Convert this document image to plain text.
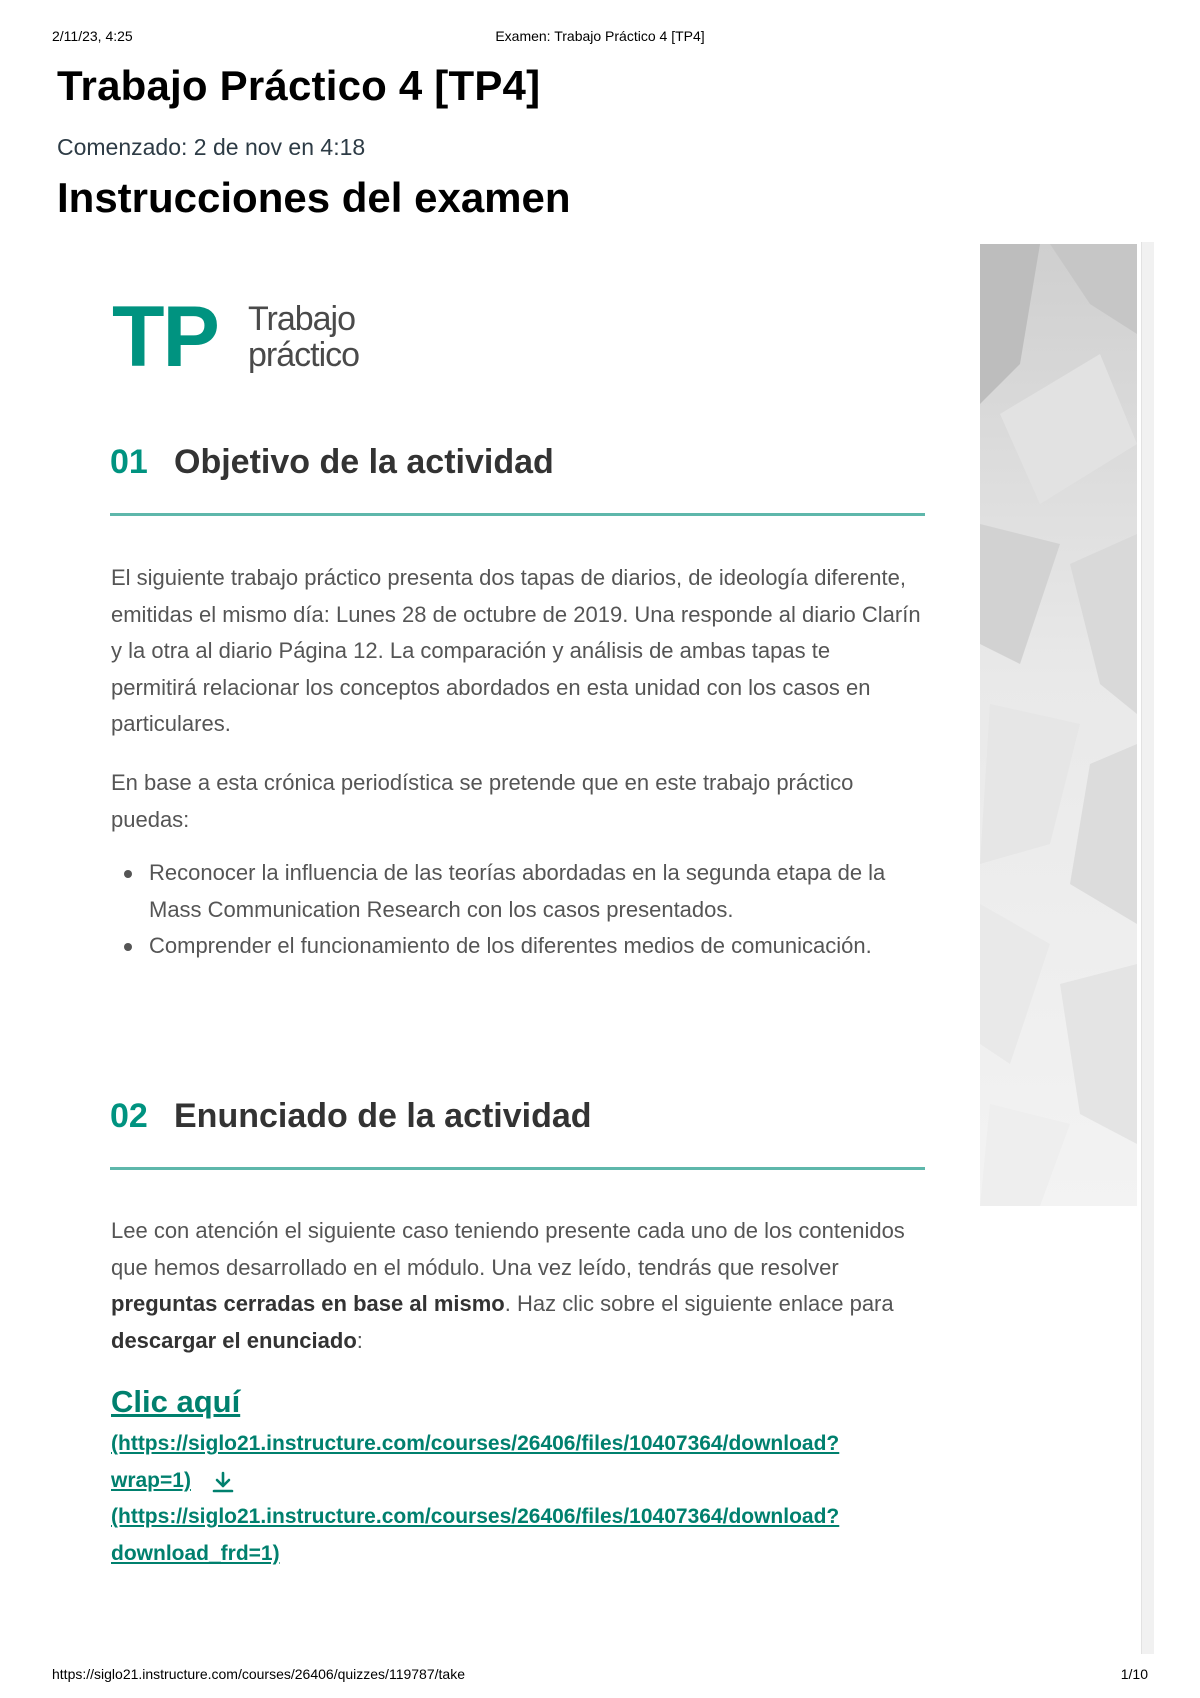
2/11/23, 4:25	Examen: Trabajo Práctico 4 [TP4]
Trabajo Práctico 4 [TP4]
Comenzado: 2 de nov en 4:18
Instrucciones del examen
TP Trabajo
práctico
01 Objetivo de la actividad

El siguiente trabajo práctico presenta dos tapas de diarios, de ideología diferente, emitidas el mismo día: Lunes 28 de octubre de 2019. Una responde al diario Clarín y la otra al diario Página 12. La comparación y análisis de ambas tapas te permitirá relacionar los conceptos abordados en esta unidad con los casos en particulares.

En base a esta crónica periodística se pretende que en este trabajo práctico puedas:

Reconocer la influencia de las teorías abordadas en la segunda etapa de la Mass Communication Research con los casos presentados.
Comprender el funcionamiento de los diferentes medios de comunicación.
02 Enunciado de la actividad

Lee con atención el siguiente caso teniendo presente cada uno de los contenidos que hemos desarrollado en el módulo. Una vez leído, tendrás que resolver preguntas cerradas en base al mismo. Haz clic sobre el siguiente enlace para descargar el enunciado:

Clic aquí
(https://siglo21.instructure.com/courses/26406/files/10407364/download?
wrap=1)
(https://siglo21.instructure.com/courses/26406/files/10407364/download?
download_frd=1)
https://siglo21.instructure.com/courses/26406/quizzes/119787/take	1/10
